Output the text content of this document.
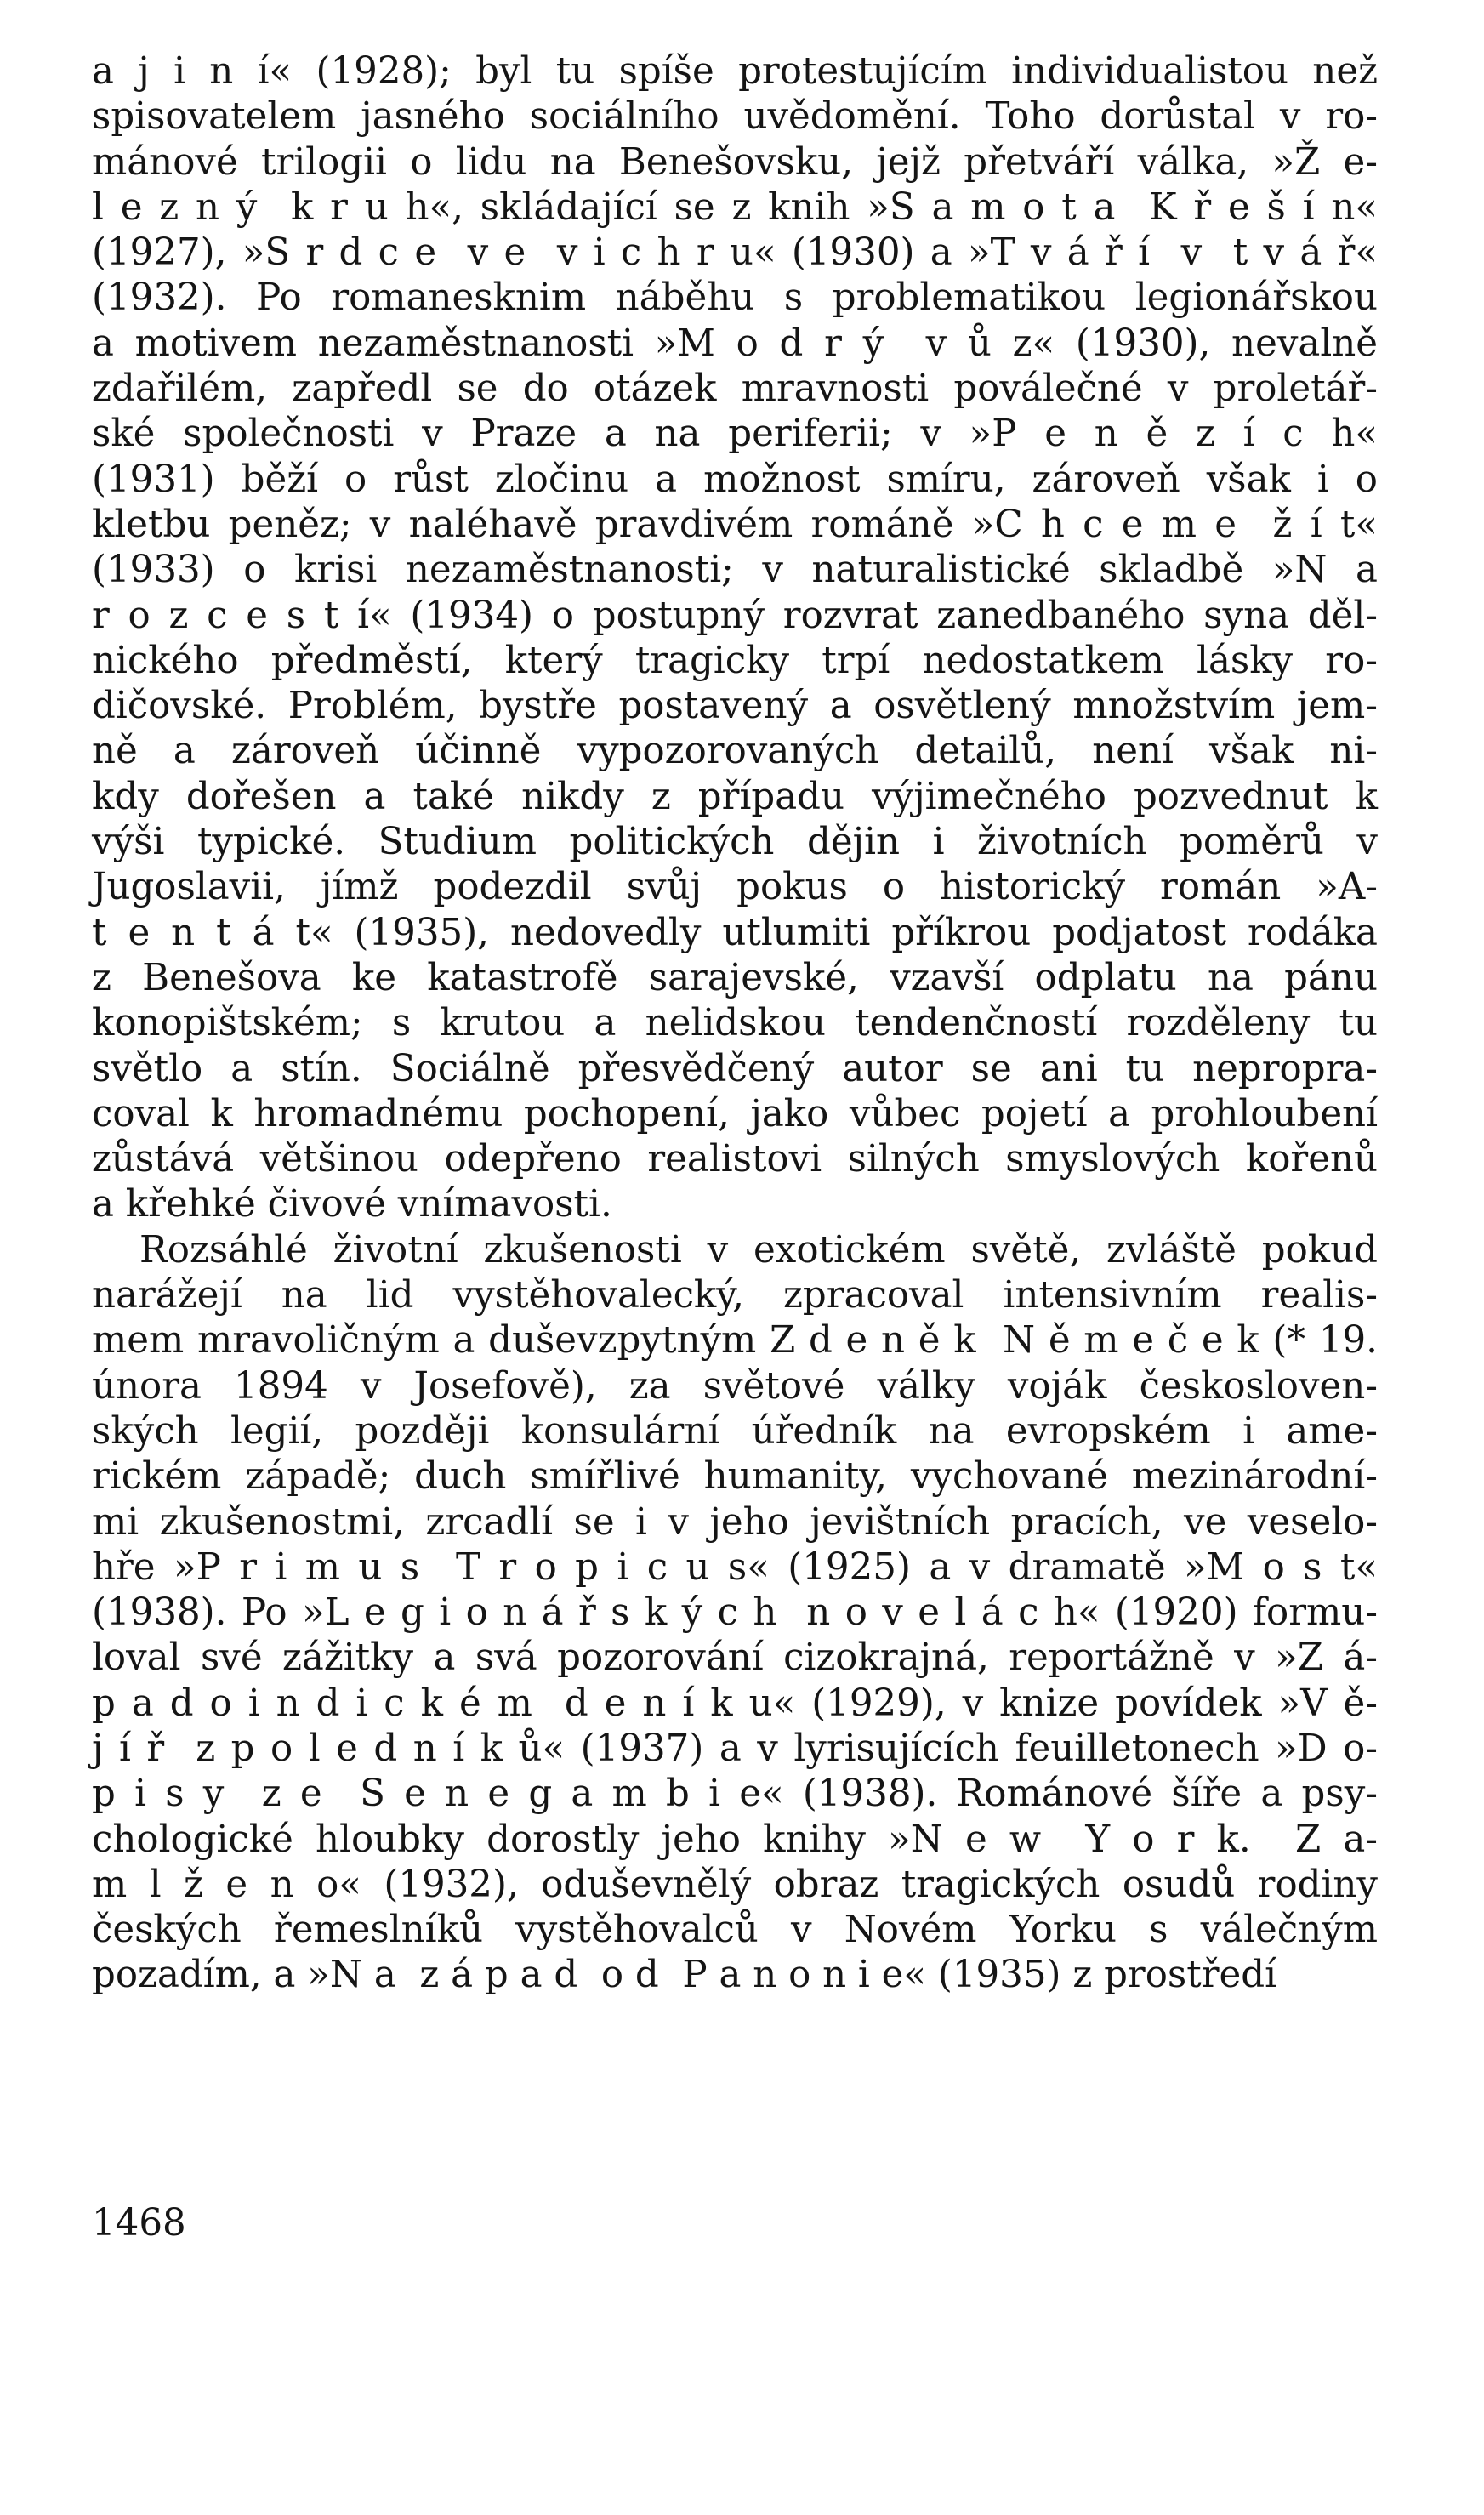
a j i n í« (1928); byl tu spíše protestujícím individualistou než
spisovatelem jasného sociálního uvědomění. Toho dorůstal v ro-
mánové trilogii o lidu na Benešovsku, jejž přetváří válka, »Ž e-
l e z n ý  k r u h«, skládající se z knih »S a m o t a  K ř e š í n«
(1927), »S r d c e  v e  v i c h r u« (1930) a »T v á ř í  v  t v á ř«
(1932). Po romanesknim náběhu s problematikou legionářskou
a motivem nezaměstnanosti »M o d r ý  v ů z« (1930), nevalně
zdařilém, zapředl se do otázek mravnosti poválečné v proletář-
ské společnosti v Praze a na periferii; v »P e n ě z í c h«
(1931) běží o růst zločinu a možnost smíru, zároveň však i o
kletbu peněz; v naléhavě pravdivém románě »C h c e m e  ž í t«
(1933) o krisi nezaměstnanosti; v naturalistické skladbě »N a
r o z c e s t í« (1934) o postupný rozvrat zanedbaného syna děl-
nického předměstí, který tragicky trpí nedostatkem lásky ro-
dičovské. Problém, bystře postavený a osvětlený množstvím jem-
ně a zároveň účinně vypozorovaných detailů, není však ni-
kdy dořešen a také nikdy z případu výjimečného pozvednut k
výši typické. Studium politických dějin i životních poměrů v
Jugoslavii, jímž podezdil svůj pokus o historický román »A-
t e n t á t« (1935), nedovedly utlumiti příkrou podjatost rodáka
z Benešova ke katastrofě sarajevské, vzavší odplatu na pánu
konopištském; s krutou a nelidskou tendenčností rozděleny tu
světlo a stín. Sociálně přesvědčený autor se ani tu nepropra-
coval k hromadnému pochopení, jako vůbec pojetí a prohloubení
zůstává většinou odepřeno realistovi silných smyslových kořenů
a křehké čivové vnímavosti.
Rozsáhlé životní zkušenosti v exotickém světě, zvláště pokud
narážejí na lid vystěhovalecký, zpracoval intensivním realis-
mem mravoličným a duševzpytným Z d e n ě k  N ě m e č e k (* 19.
února 1894 v Josefově), za světové války voják českosloven-
ských legií, později konsulární úředník na evropském i ame-
rickém západě; duch smířlivé humanity, vychované mezinárodní-
mi zkušenostmi, zrcadlí se i v jeho jevištních pracích, ve veselo-
hře »P r i m u s  T r o p i c u s« (1925) a v dramatě »M o s t«
(1938). Po »L e g i o n á ř s k ý c h  n o v e l á c h« (1920) formu-
loval své zážitky a svá pozorování cizokrajná, reportážně v »Z á-
p a d o i n d i c k é m  d e n í k u« (1929), v knize povídek »V ě-
j í ř  z p o l e d n í k ů« (1937) a v lyrisujících feuilletonech »D o-
p i s y  z e  S e n e g a m b i e« (1938). Románové šíře a psy-
chologické hloubky dorostly jeho knihy »N e w  Y o r k.  Z a-
m l ž e n o« (1932), oduševnělý obraz tragických osudů rodiny
českých řemeslníků vystěhovalců v Novém Yorku s válečným
pozadím, a »N a  z á p a d  o d  P a n o n i e« (1935) z prostředí
1468
